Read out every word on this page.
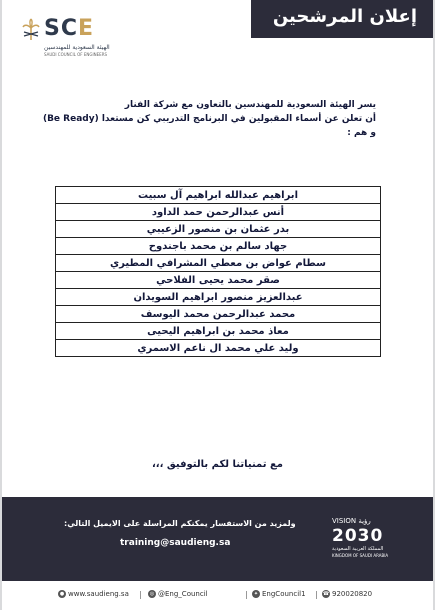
إعلان المرشحين
SCE
الهيئة السعودية للمهندسين
SAUDI COUNCIL OF ENGINEERS
يسر الهيئة السعودية للمهندسين بالتعاون مع شركة الفنار
أن تعلن عن أسماء المقبولين في البرنامج التدريبي كن مستعدا (Be Ready)
و هم :
ابراهيم عبدالله ابراهيم آل سبيت
أنس عبدالرحمن حمد الداود
بدر عثمان بن منصور الزعيبي
جهاد سالم بن محمد باجندوح
سطام عواض بن معطي المشرافي المطيري
صقر محمد يحيى الفلاحي
عبدالعزيز منصور ابراهيم السويدان
محمد عبدالرحمن محمد اليوسف
معاذ محمد بن ابراهيم اليحيى
وليد علي محمد ال ناعم الاسمري
مع تمنياتنا لكم بالتوفيق ،،،
ولمزيد من الاستفسار يمكنكم المراسلة على الايميل التالي:
training@saudieng.sa
VISION رؤية
2030
المملكة العربية السعودية
KINGDOM OF SAUDI ARABIA
● www.saudieng.sa	◎ @Eng_Council	✦ EngCouncil1	☎ 920020820
